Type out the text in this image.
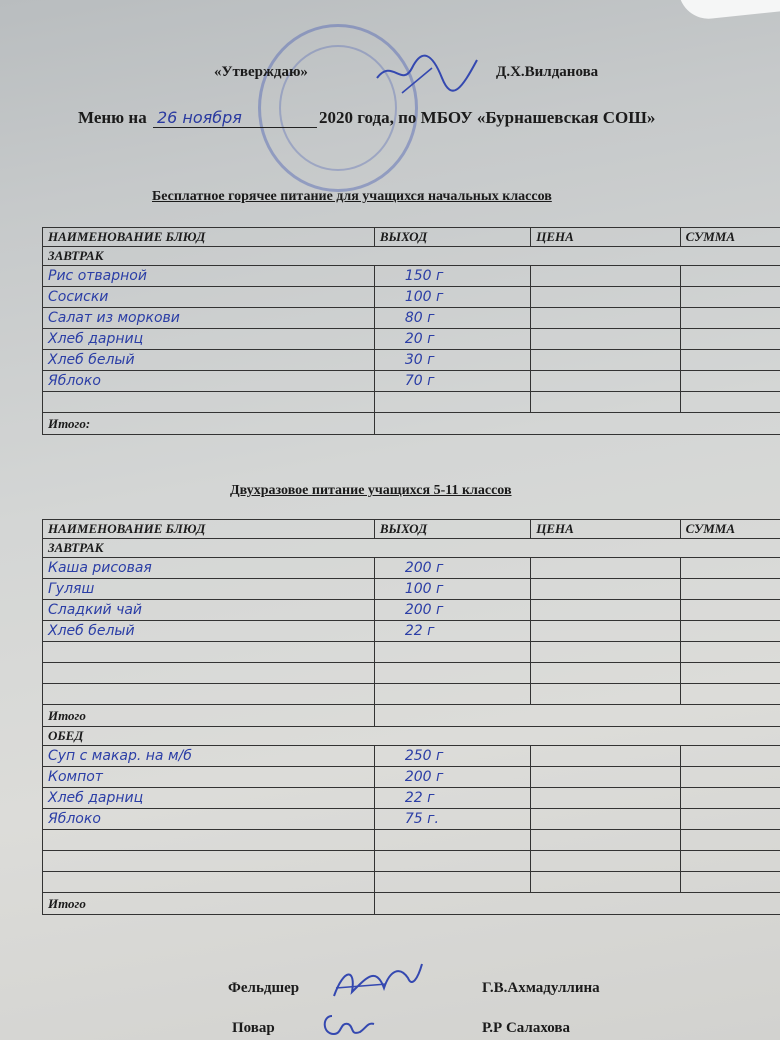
«Утверждаю»	Д.Х.Вилданова
Меню на 26 ноября	2020 года, по МБОУ «Бурнашевская СОШ»
Бесплатное горячее питание для учащихся начальных классов
НАИМЕНОВАНИЕ БЛЮД	ВЫХОД	ЦЕНА	СУММА
ЗАВТРАК			
Рис отварной	150 г		
Сосиски	100 г		
Салат из моркови	80 г		
Хлеб дарниц	20 г		
Хлеб белый	30 г		
Яблоко	70 г		

Итого:			
Двухразовое питание учащихся 5-11 классов
НАИМЕНОВАНИЕ БЛЮД	ВЫХОД	ЦЕНА	СУММА
ЗАВТРАК			
Каша рисовая	200 г		
Гуляш	100 г		
Сладкий чай	200 г		
Хлеб белый	22 г		

Итого			
ОБЕД			
Суп с макар. на м/б	250 г		
Компот	200 г		
Хлеб дарниц	22 г		
Яблоко	75 г.		

Итого			
Фельдшер	Г.В.Ахмадуллина
Повар	Р.Р Салахова
